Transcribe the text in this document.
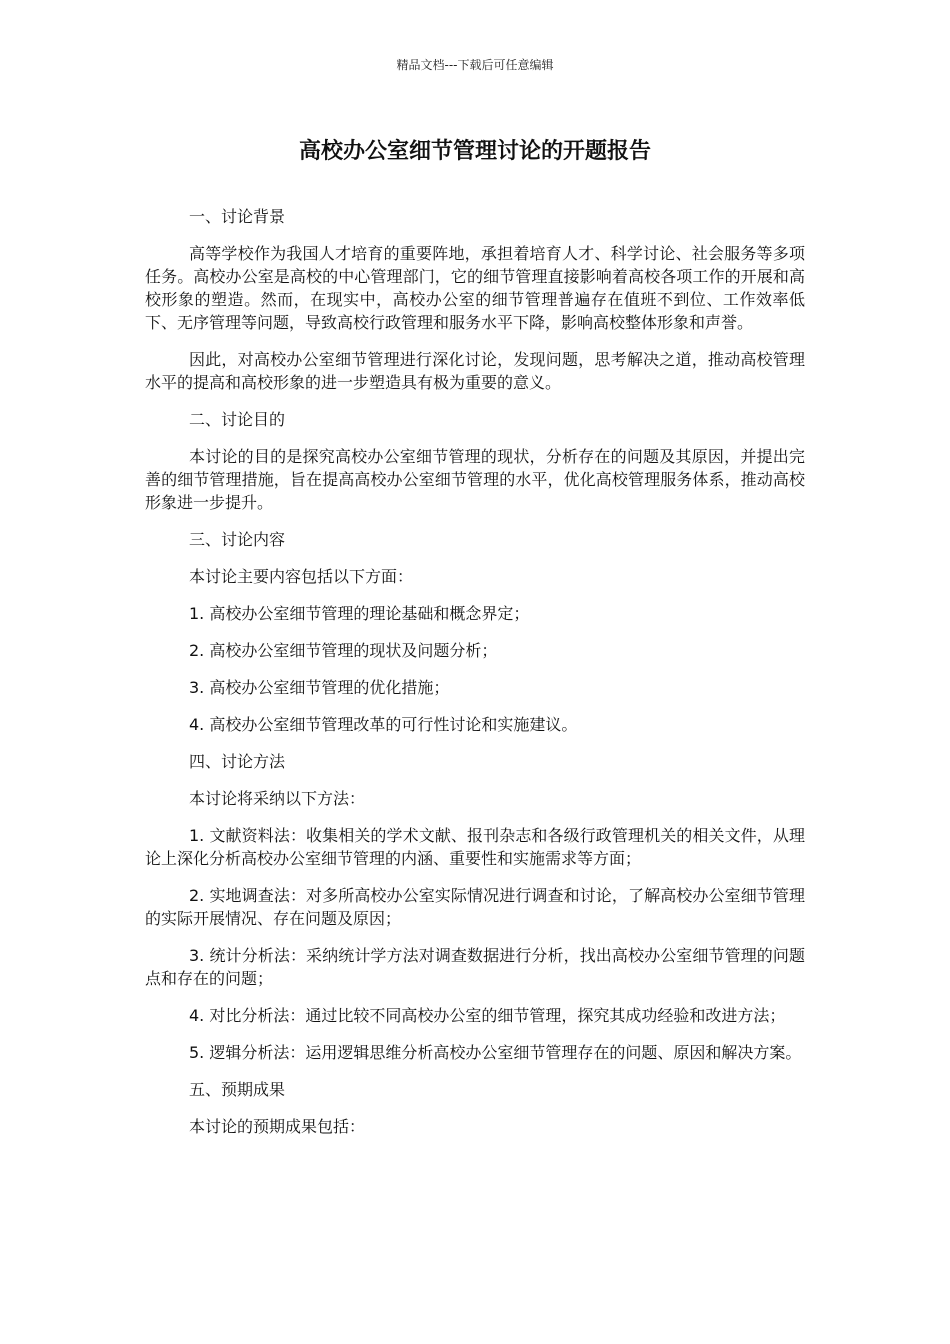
精品文档---下载后可任意编辑
高校办公室细节管理讨论的开题报告

一、讨论背景

高等学校作为我国人才培育的重要阵地，承担着培育人才、科学讨论、社会服务等多项任务。高校办公室是高校的中心管理部门，它的细节管理直接影响着高校各项工作的开展和高校形象的塑造。然而，在现实中，高校办公室的细节管理普遍存在值班不到位、工作效率低下、无序管理等问题，导致高校行政管理和服务水平下降，影响高校整体形象和声誉。

因此，对高校办公室细节管理进行深化讨论，发现问题，思考解决之道，推动高校管理水平的提高和高校形象的进一步塑造具有极为重要的意义。

二、讨论目的

本讨论的目的是探究高校办公室细节管理的现状，分析存在的问题及其原因，并提出完善的细节管理措施，旨在提高高校办公室细节管理的水平，优化高校管理服务体系，推动高校形象进一步提升。

三、讨论内容

本讨论主要内容包括以下方面：

1. 高校办公室细节管理的理论基础和概念界定；

2. 高校办公室细节管理的现状及问题分析；

3. 高校办公室细节管理的优化措施；

4. 高校办公室细节管理改革的可行性讨论和实施建议。

四、讨论方法

本讨论将采纳以下方法：

1. 文献资料法：收集相关的学术文献、报刊杂志和各级行政管理机关的相关文件，从理论上深化分析高校办公室细节管理的内涵、重要性和实施需求等方面；

2. 实地调查法：对多所高校办公室实际情况进行调查和讨论，了解高校办公室细节管理的实际开展情况、存在问题及原因；

3. 统计分析法：采纳统计学方法对调查数据进行分析，找出高校办公室细节管理的问题点和存在的问题；

4. 对比分析法：通过比较不同高校办公室的细节管理，探究其成功经验和改进方法；

5. 逻辑分析法：运用逻辑思维分析高校办公室细节管理存在的问题、原因和解决方案。

五、预期成果

本讨论的预期成果包括：
